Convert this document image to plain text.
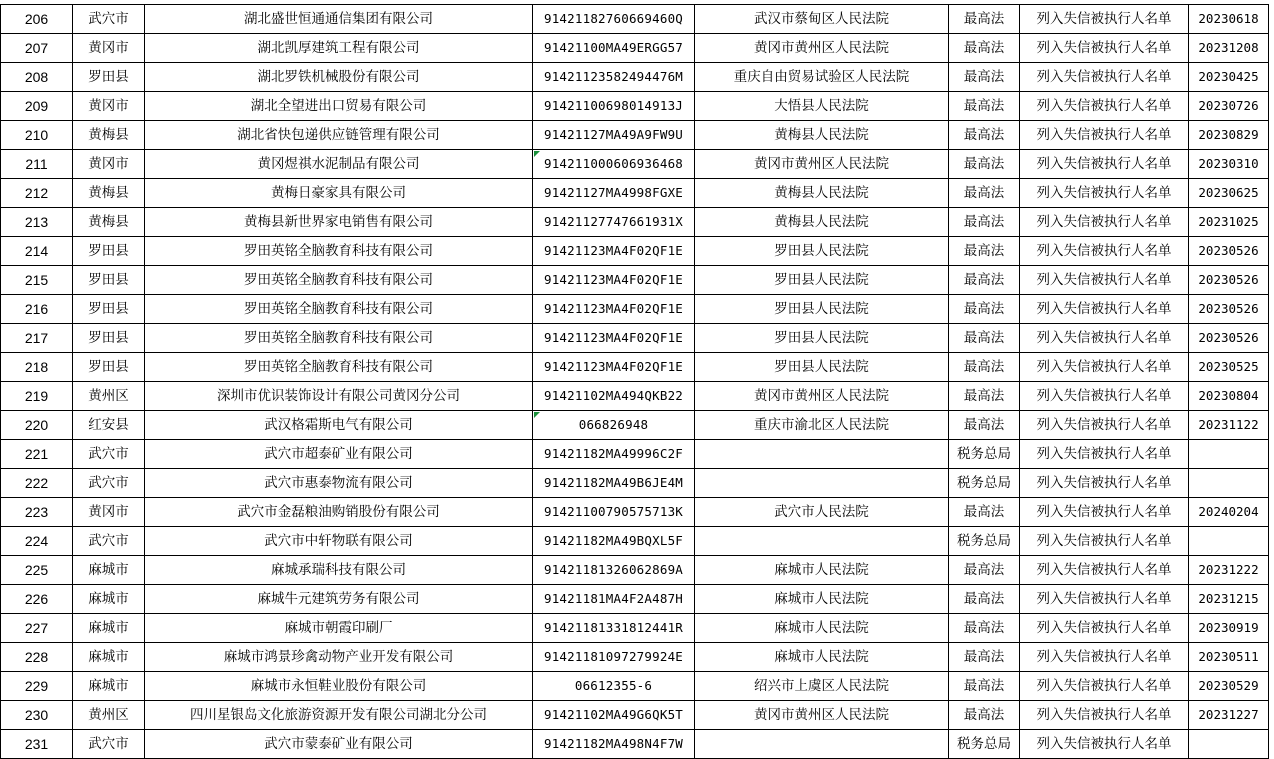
206	武穴市	湖北盛世恒通通信集团有限公司	91421182760669460Q	武汉市蔡甸区人民法院	最高法	列入失信被执行人名单	20230618
207	黄冈市	湖北凯厚建筑工程有限公司	91421100MA49ERGG57	黄冈市黄州区人民法院	最高法	列入失信被执行人名单	20231208
208	罗田县	湖北罗铁机械股份有限公司	91421123582494476M	重庆自由贸易试验区人民法院	最高法	列入失信被执行人名单	20230425
209	黄冈市	湖北全望进出口贸易有限公司	91421100698014913J	大悟县人民法院	最高法	列入失信被执行人名单	20230726
210	黄梅县	湖北省快包递供应链管理有限公司	91421127MA49A9FW9U	黄梅县人民法院	最高法	列入失信被执行人名单	20230829
211	黄冈市	黄冈煜祺水泥制品有限公司	914211000606936468	黄冈市黄州区人民法院	最高法	列入失信被执行人名单	20230310
212	黄梅县	黄梅日豪家具有限公司	91421127MA4998FGXE	黄梅县人民法院	最高法	列入失信被执行人名单	20230625
213	黄梅县	黄梅县新世界家电销售有限公司	91421127747661931X	黄梅县人民法院	最高法	列入失信被执行人名单	20231025
214	罗田县	罗田英铭全脑教育科技有限公司	91421123MA4F02QF1E	罗田县人民法院	最高法	列入失信被执行人名单	20230526
215	罗田县	罗田英铭全脑教育科技有限公司	91421123MA4F02QF1E	罗田县人民法院	最高法	列入失信被执行人名单	20230526
216	罗田县	罗田英铭全脑教育科技有限公司	91421123MA4F02QF1E	罗田县人民法院	最高法	列入失信被执行人名单	20230526
217	罗田县	罗田英铭全脑教育科技有限公司	91421123MA4F02QF1E	罗田县人民法院	最高法	列入失信被执行人名单	20230526
218	罗田县	罗田英铭全脑教育科技有限公司	91421123MA4F02QF1E	罗田县人民法院	最高法	列入失信被执行人名单	20230525
219	黄州区	深圳市优识装饰设计有限公司黄冈分公司	91421102MA494QKB22	黄冈市黄州区人民法院	最高法	列入失信被执行人名单	20230804
220	红安县	武汉格霜斯电气有限公司	066826948	重庆市渝北区人民法院	最高法	列入失信被执行人名单	20231122
221	武穴市	武穴市超泰矿业有限公司	91421182MA49996C2F		税务总局	列入失信被执行人名单	
222	武穴市	武穴市惠泰物流有限公司	91421182MA49B6JE4M		税务总局	列入失信被执行人名单	
223	黄冈市	武穴市金磊粮油购销股份有限公司	91421100790575713K	武穴市人民法院	最高法	列入失信被执行人名单	20240204
224	武穴市	武穴市中轩物联有限公司	91421182MA49BQXL5F		税务总局	列入失信被执行人名单	
225	麻城市	麻城承瑞科技有限公司	91421181326062869A	麻城市人民法院	最高法	列入失信被执行人名单	20231222
226	麻城市	麻城牛元建筑劳务有限公司	91421181MA4F2A487H	麻城市人民法院	最高法	列入失信被执行人名单	20231215
227	麻城市	麻城市朝霞印刷厂	91421181331812441R	麻城市人民法院	最高法	列入失信被执行人名单	20230919
228	麻城市	麻城市鸿景珍禽动物产业开发有限公司	91421181097279924E	麻城市人民法院	最高法	列入失信被执行人名单	20230511
229	麻城市	麻城市永恒鞋业股份有限公司	06612355-6	绍兴市上虞区人民法院	最高法	列入失信被执行人名单	20230529
230	黄州区	四川星银岛文化旅游资源开发有限公司湖北分公司	91421102MA49G6QK5T	黄冈市黄州区人民法院	最高法	列入失信被执行人名单	20231227
231	武穴市	武穴市蒙泰矿业有限公司	91421182MA498N4F7W		税务总局	列入失信被执行人名单	
